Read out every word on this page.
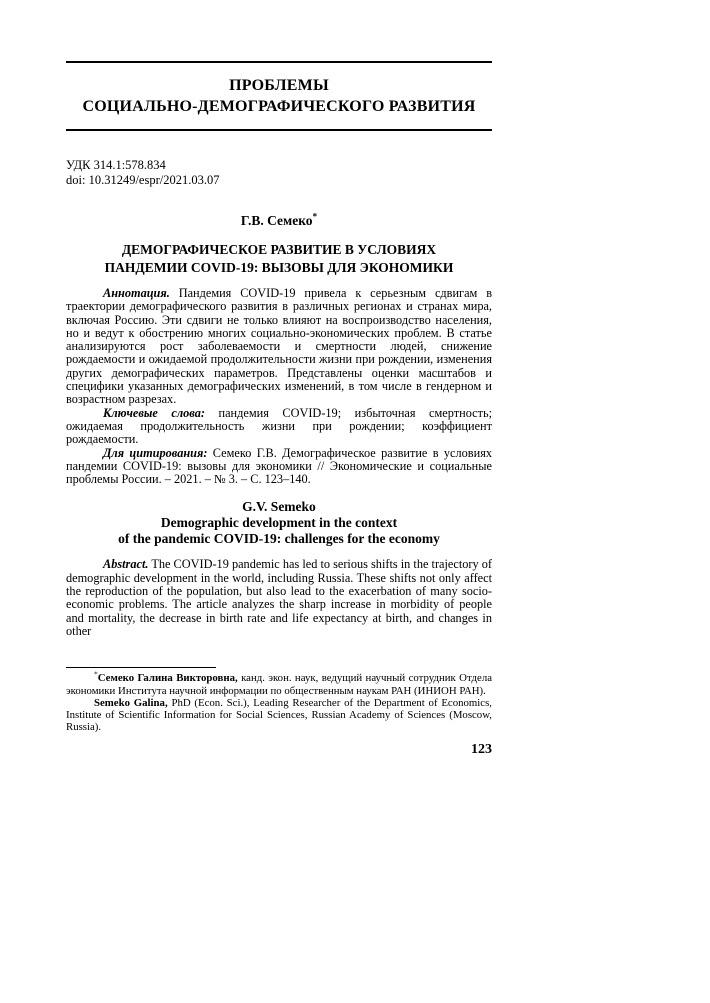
ПРОБЛЕМЫ
СОЦИАЛЬНО-ДЕМОГРАФИЧЕСКОГО РАЗВИТИЯ
УДК 314.1:578.834
doi: 10.31249/espr/2021.03.07
Г.В. Семеко*
ДЕМОГРАФИЧЕСКОЕ РАЗВИТИЕ В УСЛОВИЯХ
ПАНДЕМИИ COVID-19: ВЫЗОВЫ ДЛЯ ЭКОНОМИКИ

Аннотация. Пандемия COVID-19 привела к серьезным сдвигам в траектории демографического развития в различных регионах и странах мира, включая Россию. Эти сдвиги не только влияют на воспроизводство населения, но и ведут к обострению многих социально-экономических проблем. В статье анализируются рост заболеваемости и смертности людей, снижение рождаемости и ожидаемой продолжительности жизни при рождении, изменения других демографических параметров. Представлены оценки масштабов и специфики указанных демографических изменений, в том числе в гендерном и возрастном разрезах.

Ключевые слова: пандемия COVID-19; избыточная смертность; ожидаемая продолжительность жизни при рождении; коэффициент рождаемости.

Для цитирования: Семеко Г.В. Демографическое развитие в условиях пандемии COVID-19: вызовы для экономики // Экономические и социальные проблемы России. – 2021. – № 3. – С. 123–140.

G.V. Semeko
Demographic development in the context
of the pandemic COVID-19: challenges for the economy

Abstract. The COVID-19 pandemic has led to serious shifts in the trajectory of demographic development in the world, including Russia. These shifts not only affect the reproduction of the population, but also lead to the exacerbation of many socio-economic problems. The article analyzes the sharp increase in morbidity of people and mortality, the decrease in birth rate and life expectancy at birth, and changes in other

*Семеко Галина Викторовна, канд. экон. наук, ведущий научный сотрудник Отдела экономики Института научной информации по общественным наукам РАН (ИНИОН РАН).

Semeko Galina, PhD (Econ. Sci.), Leading Researcher of the Department of Economics, Institute of Scientific Information for Social Sciences, Russian Academy of Sciences (Moscow, Russia).

123
